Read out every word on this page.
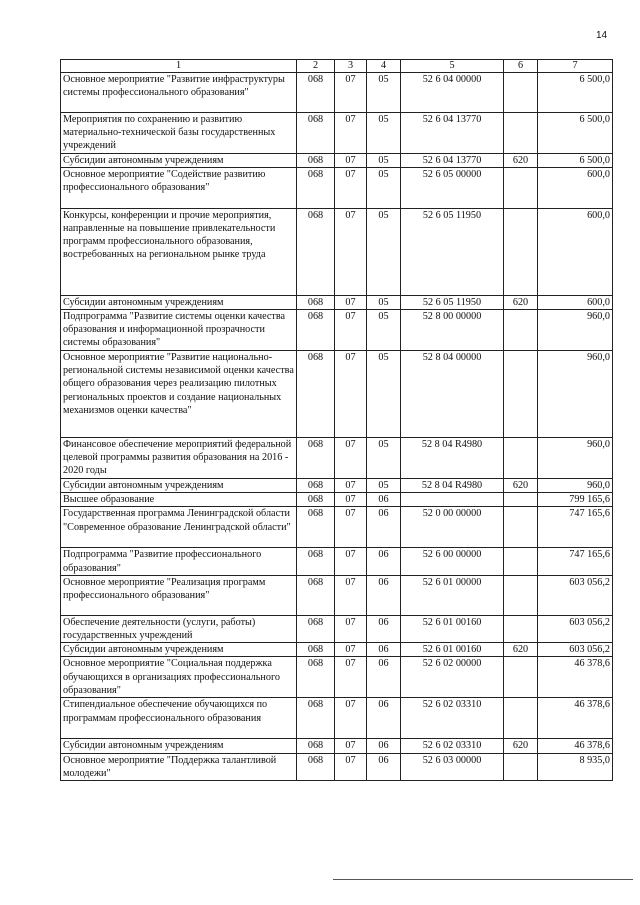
14
1	2	3	4	5	6	7
Основное мероприятие "Развитие инфраструктуры системы профессионального образования"	068	07	05	52 6 04 00000		6 500,0
Мероприятия по сохранению и развитию материально-технической базы государственных учреждений	068	07	05	52 6 04 13770		6 500,0
Субсидии автономным учреждениям	068	07	05	52 6 04 13770	620	6 500,0
Основное мероприятие "Содействие развитию профессионального образования"	068	07	05	52 6 05 00000		600,0
Конкурсы, конференции и прочие мероприятия, направленные на повышение привлекательности программ профессионального образования, востребованных на региональном рынке труда	068	07	05	52 6 05 11950		600,0
Субсидии автономным учреждениям	068	07	05	52 6 05 11950	620	600,0
Подпрограмма "Развитие системы оценки качества образования и информационной прозрачности системы образования"	068	07	05	52 8 00 00000		960,0
Основное мероприятие "Развитие национально-региональной системы независимой оценки качества общего образования через реализацию пилотных региональных проектов и создание национальных механизмов оценки качества"	068	07	05	52 8 04 00000		960,0
Финансовое обеспечение мероприятий федеральной целевой программы развития образования на 2016 - 2020 годы	068	07	05	52 8 04 R4980		960,0
Субсидии автономным учреждениям	068	07	05	52 8 04 R4980	620	960,0
Высшее образование	068	07	06			799 165,6
Государственная программа Ленинградской области "Современное образование Ленинградской области"	068	07	06	52 0 00 00000		747 165,6
Подпрограмма "Развитие профессионального образования"	068	07	06	52 6 00 00000		747 165,6
Основное мероприятие "Реализация программ профессионального образования"	068	07	06	52 6 01 00000		603 056,2
Обеспечение деятельности (услуги, работы) государственных учреждений	068	07	06	52 6 01 00160		603 056,2
Субсидии автономным учреждениям	068	07	06	52 6 01 00160	620	603 056,2
Основное мероприятие "Социальная поддержка обучающихся в организациях профессионального образования"	068	07	06	52 6 02 00000		46 378,6
Стипендиальное обеспечение обучающихся по программам профессионального образования	068	07	06	52 6 02 03310		46 378,6
Субсидии автономным учреждениям	068	07	06	52 6 02 03310	620	46 378,6
Основное мероприятие "Поддержка талантливой молодежи"	068	07	06	52 6 03 00000		8 935,0
